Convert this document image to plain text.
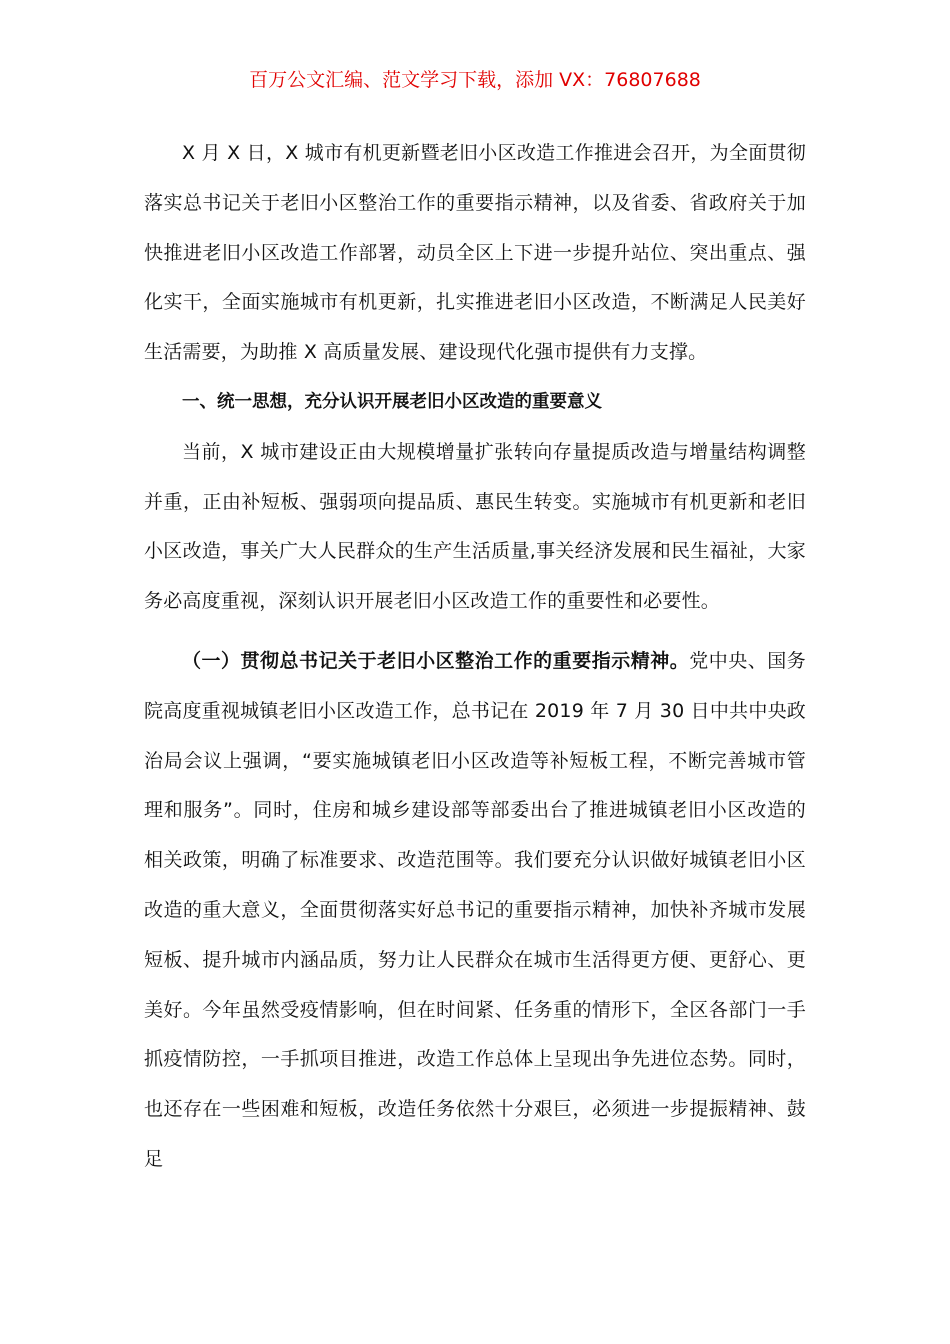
百万公文汇编、范文学习下载，添加 VX：76807688

X 月 X 日，X 城市有机更新暨老旧小区改造工作推进会召开，为全面贯彻落实总书记关于老旧小区整治工作的重要指示精神，以及省委、省政府关于加快推进老旧小区改造工作部署，动员全区上下进一步提升站位、突出重点、强化实干，全面实施城市有机更新，扎实推进老旧小区改造，不断满足人民美好生活需要，为助推 X 高质量发展、建设现代化强市提供有力支撑。

一、统一思想，充分认识开展老旧小区改造的重要意义

当前，X 城市建设正由大规模增量扩张转向存量提质改造与增量结构调整并重，正由补短板、强弱项向提品质、惠民生转变。实施城市有机更新和老旧小区改造，事关广大人民群众的生产生活质量,事关经济发展和民生福祉，大家务必高度重视，深刻认识开展老旧小区改造工作的重要性和必要性。

（一）贯彻总书记关于老旧小区整治工作的重要指示精神。党中央、国务院高度重视城镇老旧小区改造工作，总书记在 2019 年 7 月 30 日中共中央政治局会议上强调，“要实施城镇老旧小区改造等补短板工程，不断完善城市管理和服务”。同时，住房和城乡建设部等部委出台了推进城镇老旧小区改造的相关政策，明确了标准要求、改造范围等。我们要充分认识做好城镇老旧小区改造的重大意义，全面贯彻落实好总书记的重要指示精神，加快补齐城市发展短板、提升城市内涵品质，努力让人民群众在城市生活得更方便、更舒心、更美好。今年虽然受疫情影响，但在时间紧、任务重的情形下，全区各部门一手抓疫情防控，一手抓项目推进，改造工作总体上呈现出争先进位态势。同时，也还存在一些困难和短板，改造任务依然十分艰巨，必须进一步提振精神、鼓足
